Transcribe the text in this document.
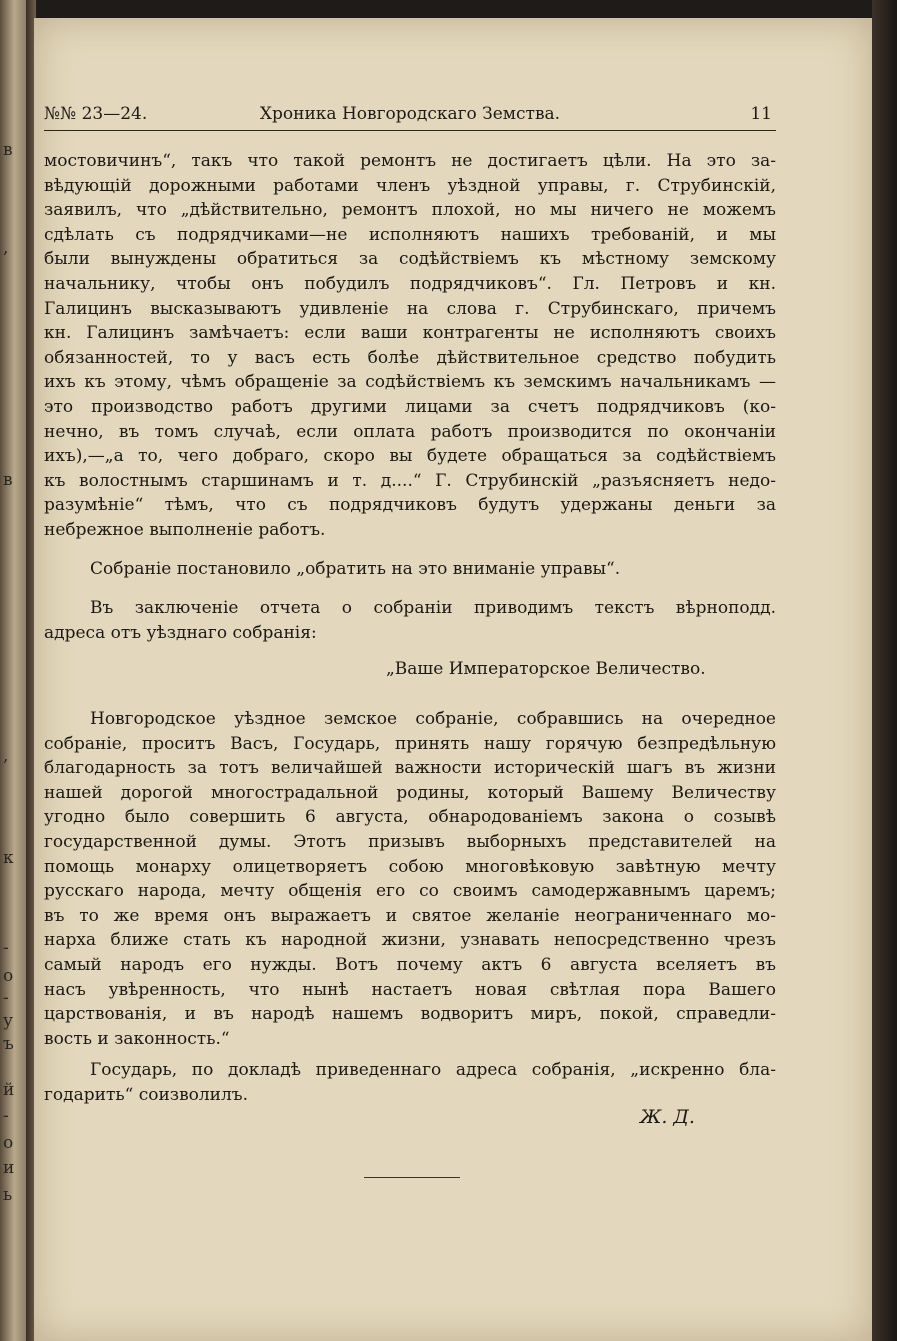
в
,
в
,
к
-
о
-
у
ъ
й
-
о
и
ь
№№ 23—24.	Хроника Новгородскаго Земства.	11
мостовичинъ“, такъ что такой ремонтъ не достигаетъ цѣли. На это за-
вѣдующій дорожными работами членъ уѣздной управы, г. Струбинскій,
заявилъ, что „дѣйствительно, ремонтъ плохой, но мы ничего не можемъ
сдѣлать съ подрядчиками—не исполняютъ нашихъ требованій, и мы
были вынуждены обратиться за содѣйствіемъ къ мѣстному земскому
начальнику, чтобы онъ побудилъ подрядчиковъ“. Гл. Петровъ и кн.
Галицинъ высказываютъ удивленіе на слова г. Струбинскаго, причемъ
кн. Галицинъ замѣчаетъ: если ваши контрагенты не исполняютъ своихъ
обязанностей, то у васъ есть болѣе дѣйствительное средство побудить
ихъ къ этому, чѣмъ обращеніе за содѣйствіемъ къ земскимъ начальникамъ —
это производство работъ другими лицами за счетъ подрядчиковъ (ко-
нечно, въ томъ случаѣ, если оплата работъ производится по окончаніи
ихъ),—„а то, чего добраго, скоро вы будете обращаться за содѣйствіемъ
къ волостнымъ старшинамъ и т. д....“ Г. Струбинскій „разъясняетъ недо-
разумѣніе“ тѣмъ, что съ подрядчиковъ будутъ удержаны деньги за
небрежное выполненіе работъ.
Собраніе постановило „обратить на это вниманіе управы“.
Въ заключеніе отчета о собраніи приводимъ текстъ вѣрноподд.
адреса отъ уѣзднаго собранія:
„Ваше Императорское Величество.
Новгородское уѣздное земское собраніе, собравшись на очередное
собраніе, проситъ Васъ, Государь, принять нашу горячую безпредѣльную
благодарность за тотъ величайшей важности историческій шагъ въ жизни
нашей дорогой многострадальной родины, который Вашему Величеству
угодно было совершить 6 августа, обнародованіемъ закона о созывѣ
государственной думы. Этотъ призывъ выборныхъ представителей на
помощь монарху олицетворяетъ собою многовѣковую завѣтную мечту
русскаго народа, мечту общенія его со своимъ самодержавнымъ царемъ;
въ то же время онъ выражаетъ и святое желаніе неограниченнаго мо-
нарха ближе стать къ народной жизни, узнавать непосредственно чрезъ
самый народъ его нужды. Вотъ почему актъ 6 августа вселяетъ въ
насъ увѣренность, что нынѣ настаетъ новая свѣтлая пора Вашего
царствованія, и въ народѣ нашемъ водворитъ миръ, покой, справедли-
вость и законность.“
Государь, по докладѣ приведеннаго адреса собранія, „искренно бла-
годарить“ соизволилъ.
Ж. Д.
